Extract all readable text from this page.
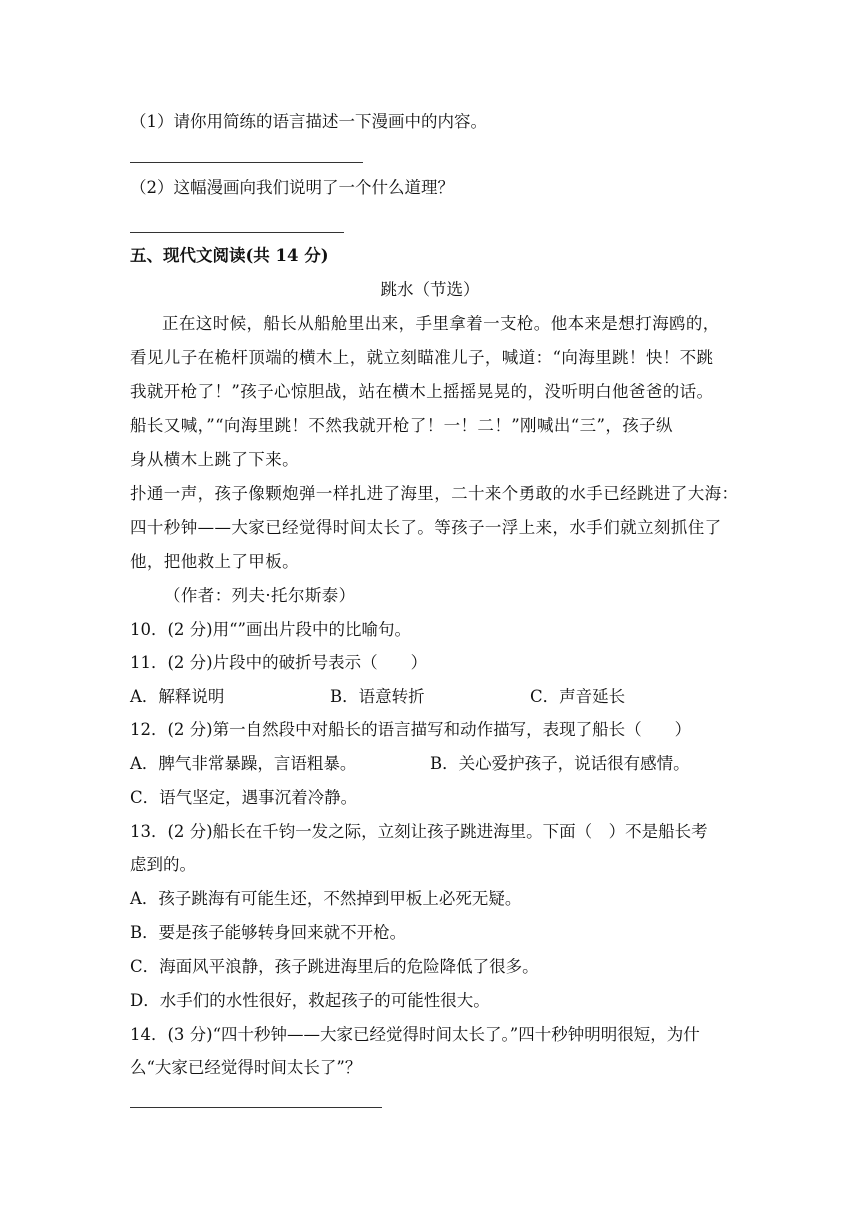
（1）请你用简练的语言描述一下漫画中的内容。
（2）这幅漫画向我们说明了一个什么道理？
五、现代文阅读(共 14 分)
跳水（节选）
正在这时候，船长从船舱里出来，手里拿着一支枪。他本来是想打海鸥的，
看见儿子在桅杆顶端的横木上，就立刻瞄准儿子，喊道：“向海里跳！快！不跳
我就开枪了！”孩子心惊胆战，站在横木上摇摇晃晃的，没听明白他爸爸的话。
船长又喊，”“向海里跳！不然我就开枪了！一！二！”刚喊出“三”，孩子纵
身从横木上跳了下来。
扑通一声，孩子像颗炮弹一样扎进了海里，二十来个勇敢的水手已经跳进了大海：
四十秒钟——大家已经觉得时间太长了。等孩子一浮上来，水手们就立刻抓住了
他，把他救上了甲板。
（作者：列夫·托尔斯泰）
10．(2 分)用“”画出片段中的比喻句。
11．(2 分)片段中的破折号表示（　　）
A．解释说明	B．语意转折	C．声音延长
12．(2 分)第一自然段中对船长的语言描写和动作描写，表现了船长（　　）
A．脾气非常暴躁，言语粗暴。	B．关心爱护孩子，说话很有感情。
C．语气坚定，遇事沉着冷静。
13．(2 分)船长在千钧一发之际，立刻让孩子跳进海里。下面（　）不是船长考
虑到的。
A．孩子跳海有可能生还，不然掉到甲板上必死无疑。
B．要是孩子能够转身回来就不开枪。
C．海面风平浪静，孩子跳进海里后的危险降低了很多。
D．水手们的水性很好，救起孩子的可能性很大。
14．(3 分)“四十秒钟——大家已经觉得时间太长了。”四十秒钟明明很短，为什
么“大家已经觉得时间太长了”？
